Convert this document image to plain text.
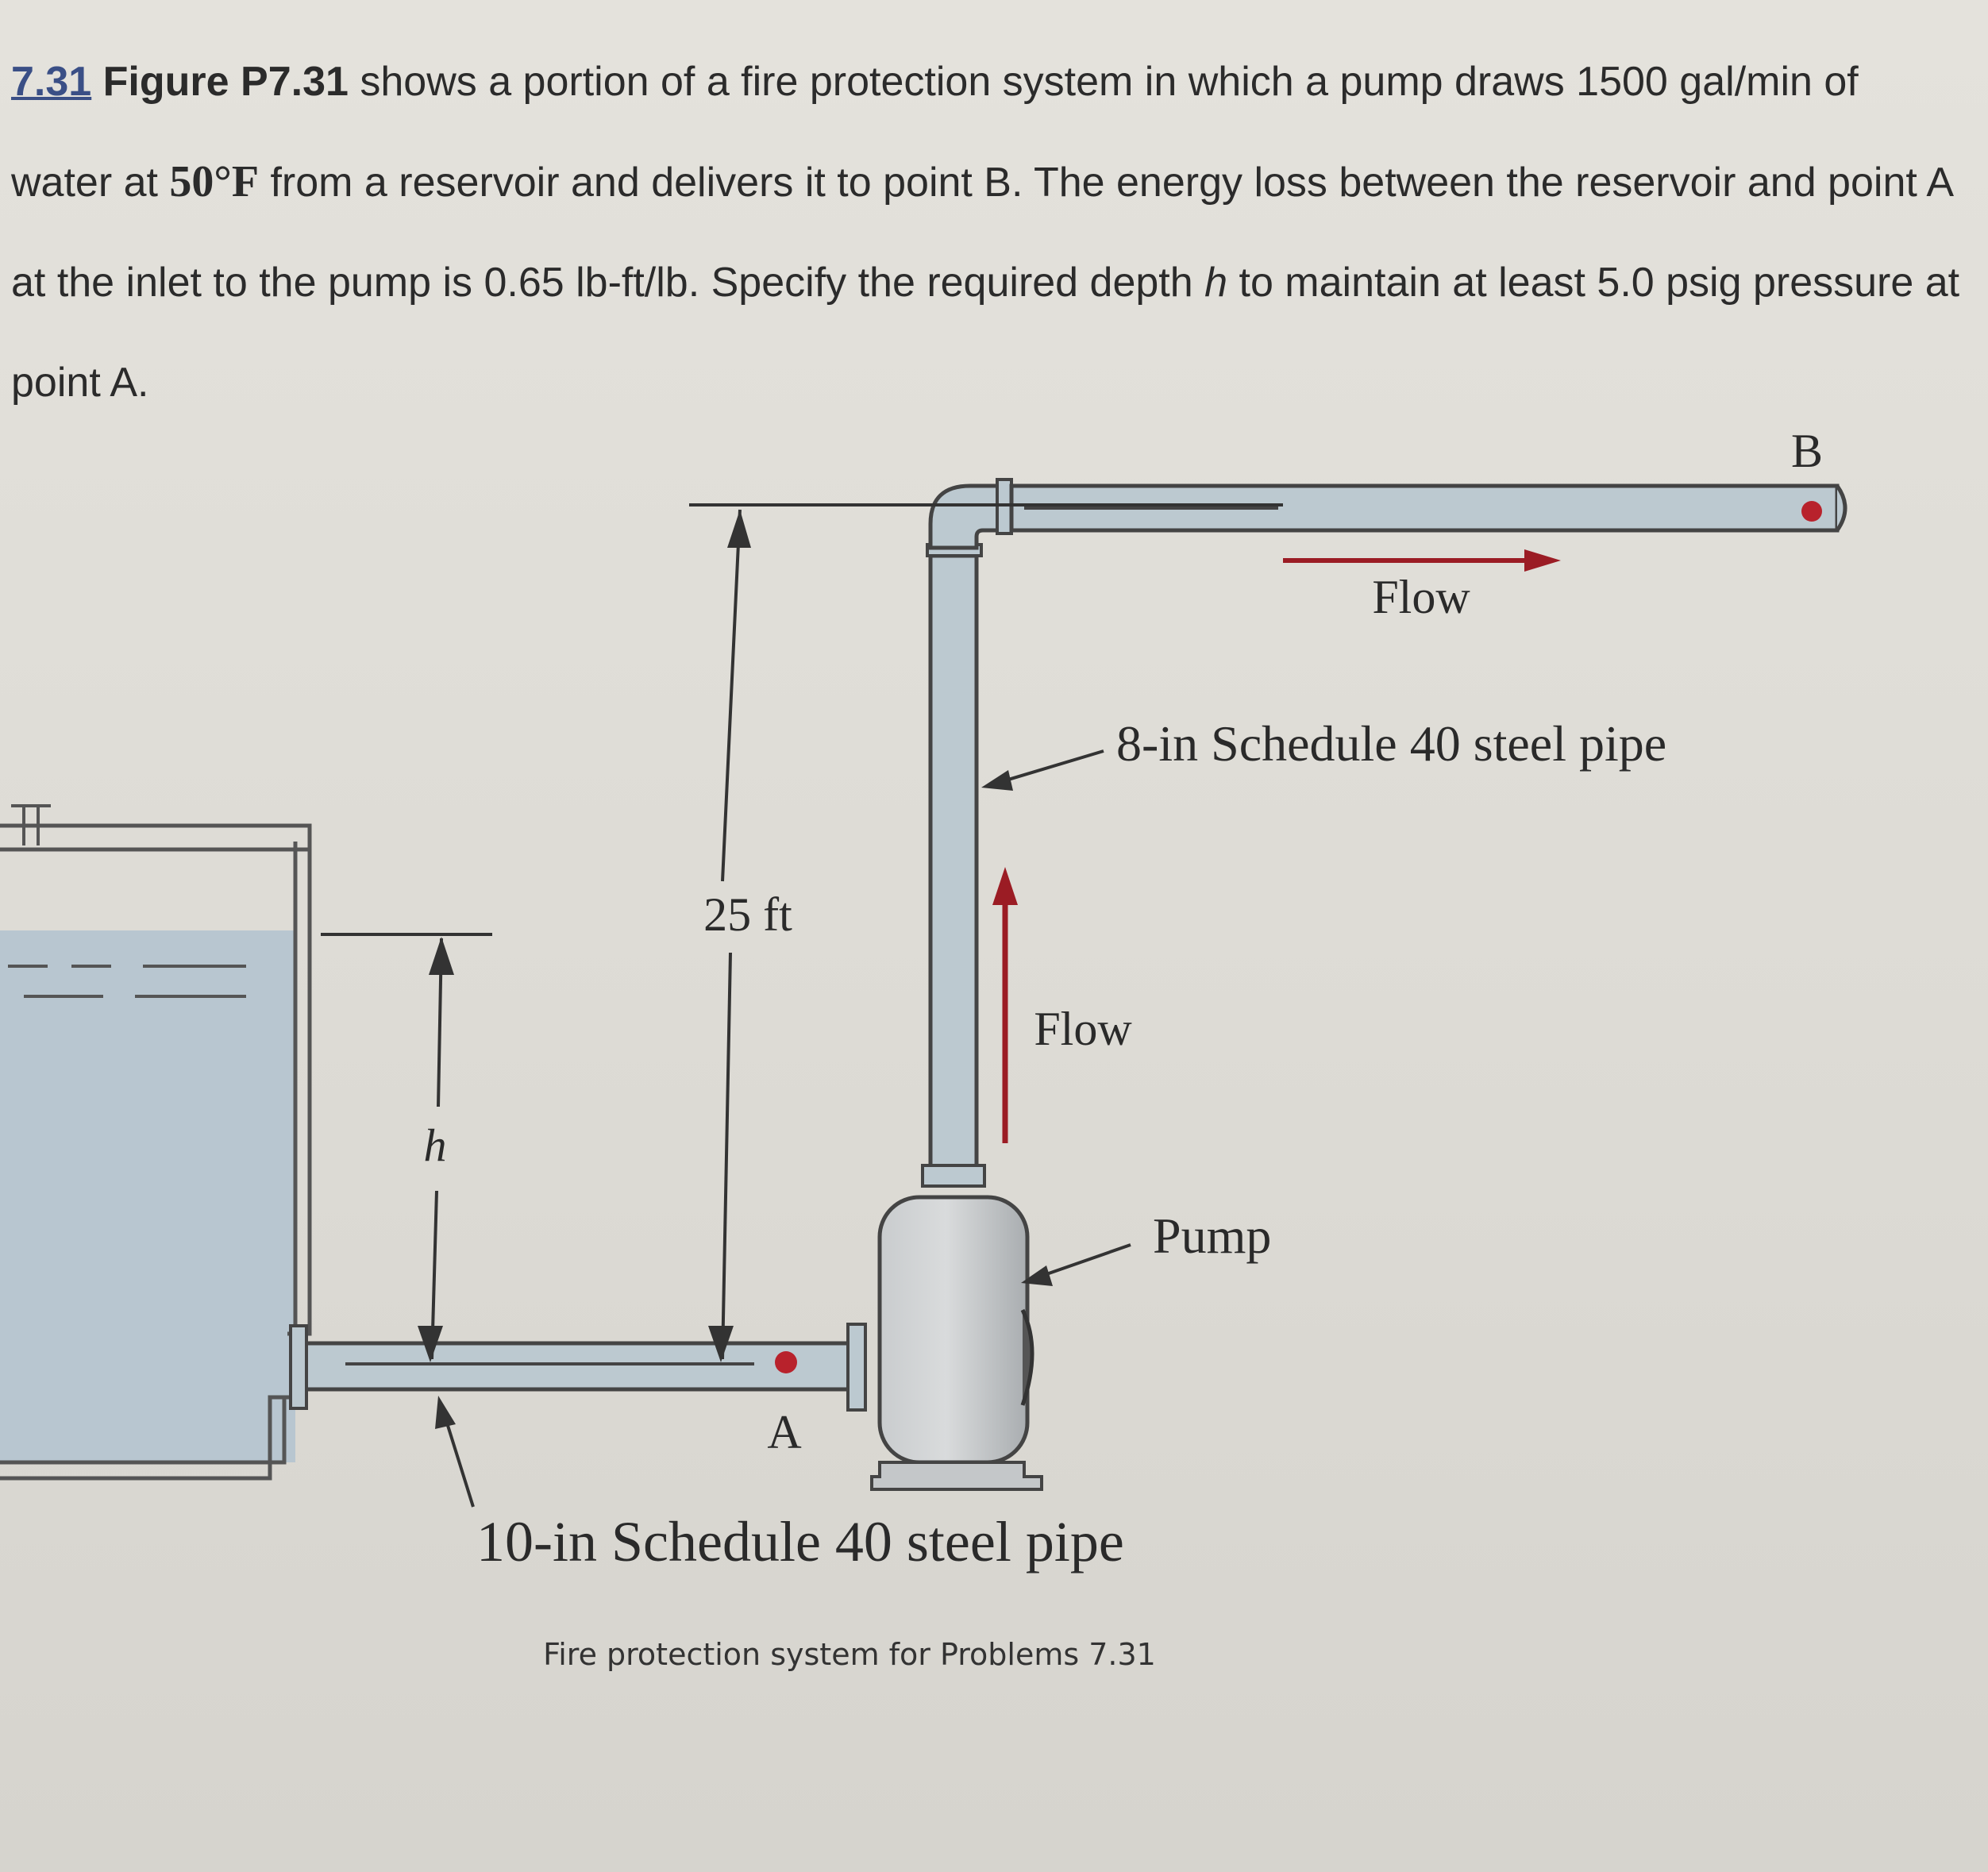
7.31 Figure P7.31 shows a portion of a fire protection system in which a pump draws 1500 gal/min of water at 50°F from a reservoir and delivers it to point B. The energy loss between the reservoir and point A at the inlet to the pump is 0.65 lb-ft/lb. Specify the required depth h to maintain at least 5.0 psig pressure at point A.
25 ft
h
A
B
Flow
Flow
8-in Schedule 40 steel pipe
Pump
10-in Schedule 40 steel pipe
Fire protection system for Problems 7.31
